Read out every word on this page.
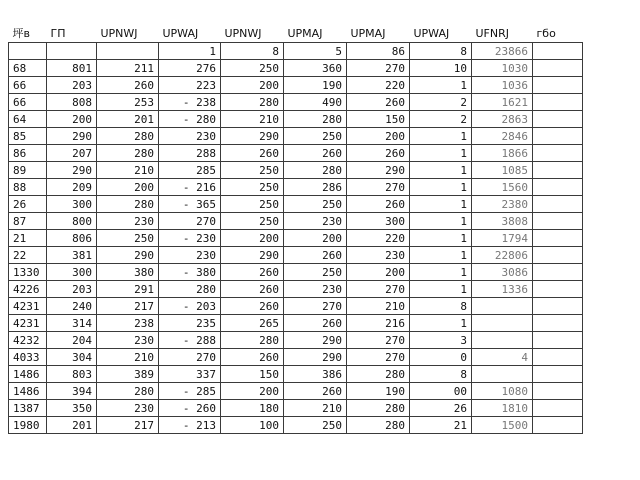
坪в	ГП	UPNWJ	UPWAJ	UPNWJ	UPMAJ	UPMAJ	UPWAJ	UFNRJ	гбо
			1	8	5	86	8	23866	
68	801	211	276	250	360	270	10	1030	
66	203	260	223	200	190	220	1	1036	
66	808	253	- 238	280	490	260	2	1621	
64	200	201	- 280	210	280	150	2	2863	
85	290	280	230	290	250	200	1	2846	
86	207	280	288	260	260	260	1	1866	
89	290	210	285	250	280	290	1	1085	
88	209	200	- 216	250	286	270	1	1560	
26	300	280	- 365	250	250	260	1	2380	
87	800	230	270	250	230	300	1	3808	
21	806	250	- 230	200	200	220	1	1794	
22	381	290	230	290	260	230	1	22806	
1330	300	380	- 380	260	250	200	1	3086	
4226	203	291	280	260	230	270	1	1336	
4231	240	217	- 203	260	270	210	8		
4231	314	238	235	265	260	216	1		
4232	204	230	- 288	280	290	270	3		
4033	304	210	270	260	290	270	0	4	
1486	803	389	337	150	386	280	8		
1486	394	280	- 285	200	260	190	00	1080	
1387	350	230	- 260	180	210	280	26	1810	
1980	201	217	- 213	100	250	280	21	1500	
